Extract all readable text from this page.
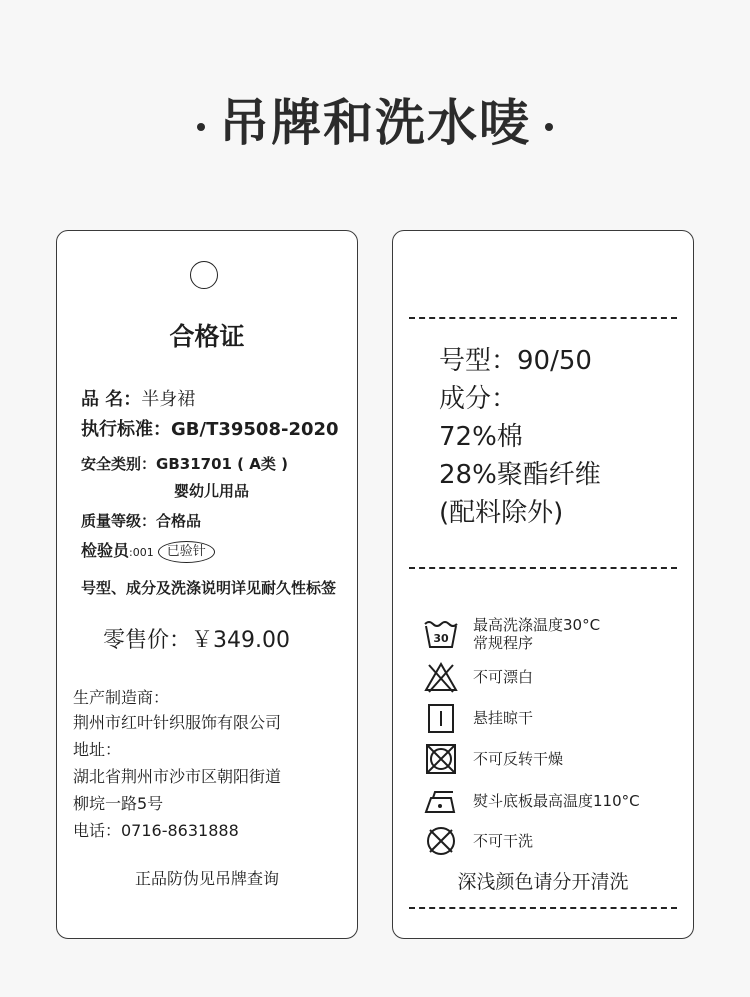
吊牌和洗水唛
合格证
品 名：半身裙
执行标准：GB/T39508-2020
安全类别：GB31701 ( A类 )
婴幼儿用品
质量等级：合格品
检验员:001 已验针
号型、成分及洗涤说明详见耐久性标签
零售价：￥349.00
生产制造商：
荆州市红叶针织服饰有限公司
地址：
湖北省荆州市沙市区朝阳街道
柳垸一路5号
电话：0716-8631888
正品防伪见吊牌查询
号型：90/50
成分：
72%棉
28%聚酯纤维
(配料除外)
30
最高洗涤温度30°C
常规程序
不可漂白
悬挂晾干
不可反转干燥
熨斗底板最高温度110°C
不可干洗
深浅颜色请分开清洗
